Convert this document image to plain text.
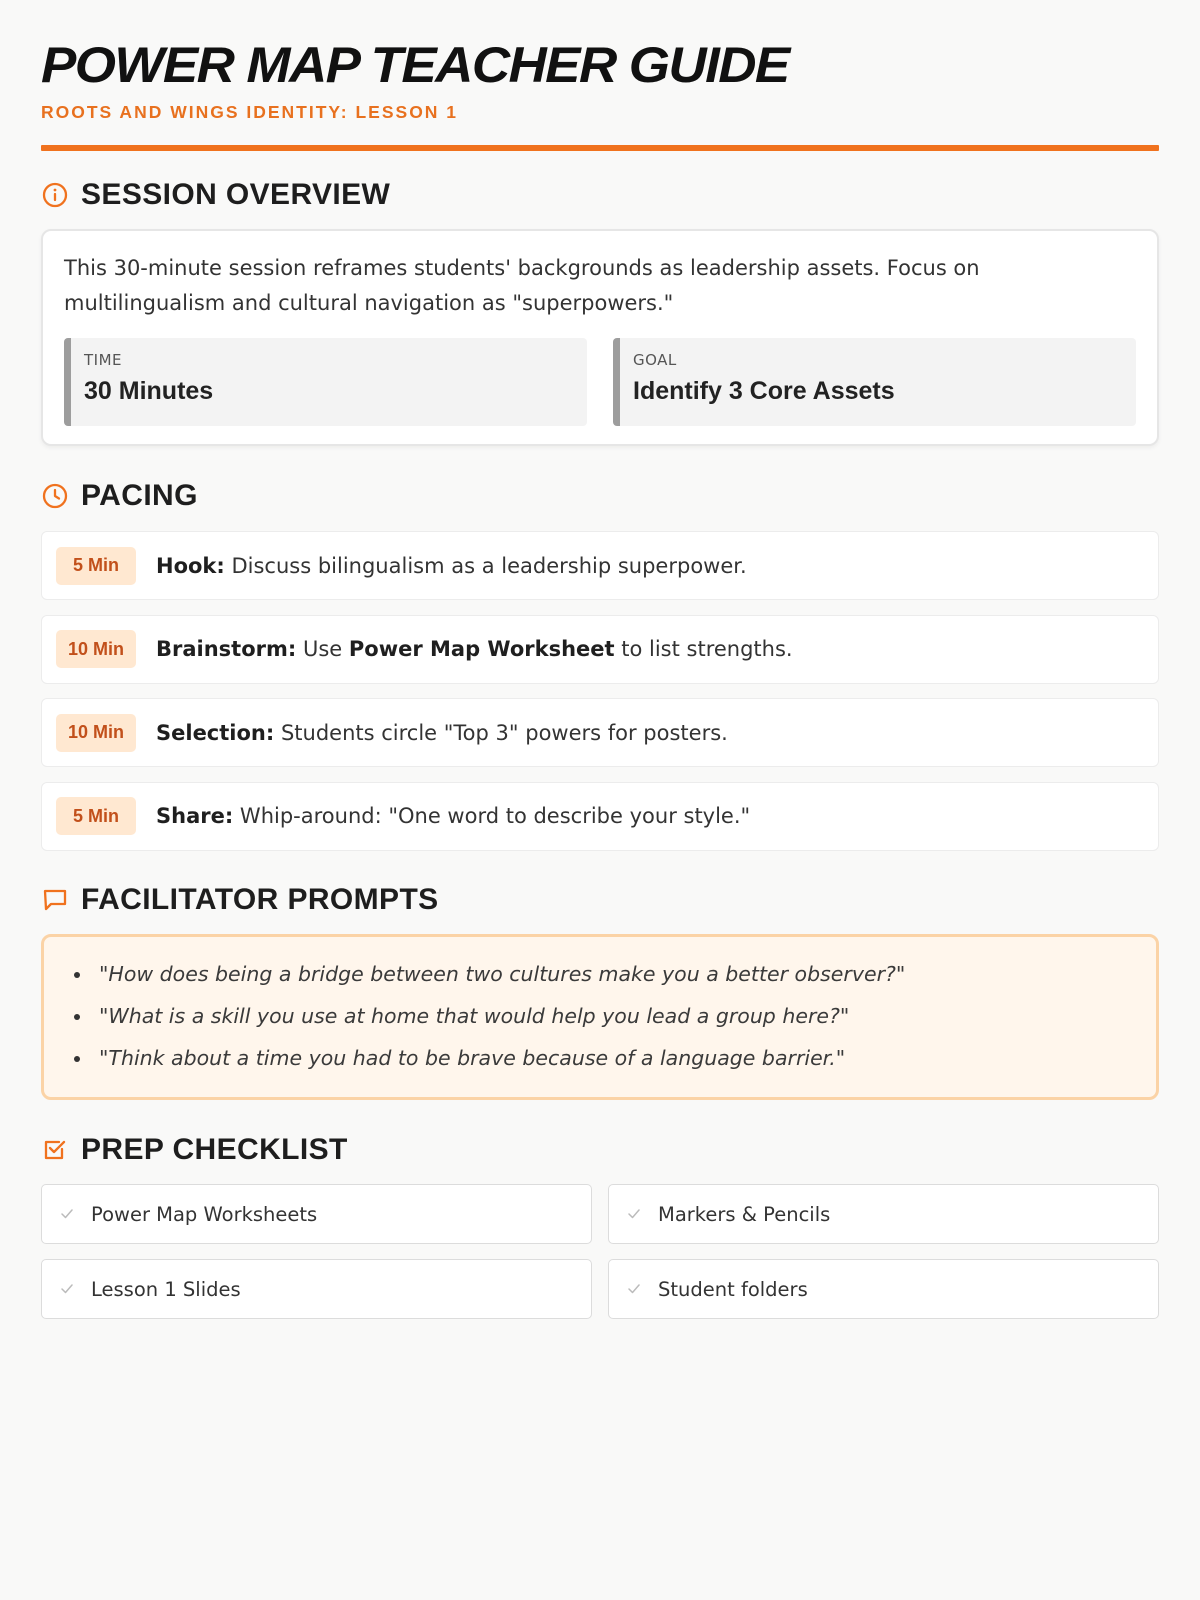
POWER MAP TEACHER GUIDE
ROOTS AND WINGS IDENTITY: LESSON 1
SESSION OVERVIEW

This 30-minute session reframes students' backgrounds as leadership assets. Focus on multilingualism and cultural navigation as "superpowers."

TIME
30 Minutes
GOAL
Identify 3 Core Assets
PACING
5 Min	Hook: Discuss bilingualism as a leadership superpower.
10 Min	Brainstorm: Use Power Map Worksheet to list strengths.
10 Min	Selection: Students circle "Top 3" powers for posters.
5 Min	Share: Whip-around: "One word to describe your style."
FACILITATOR PROMPTS
"How does being a bridge between two cultures make you a better observer?"
"What is a skill you use at home that would help you lead a group here?"
"Think about a time you had to be brave because of a language barrier."
PREP CHECKLIST
Power Map Worksheets	Markers & Pencils
Lesson 1 Slides	Student folders
